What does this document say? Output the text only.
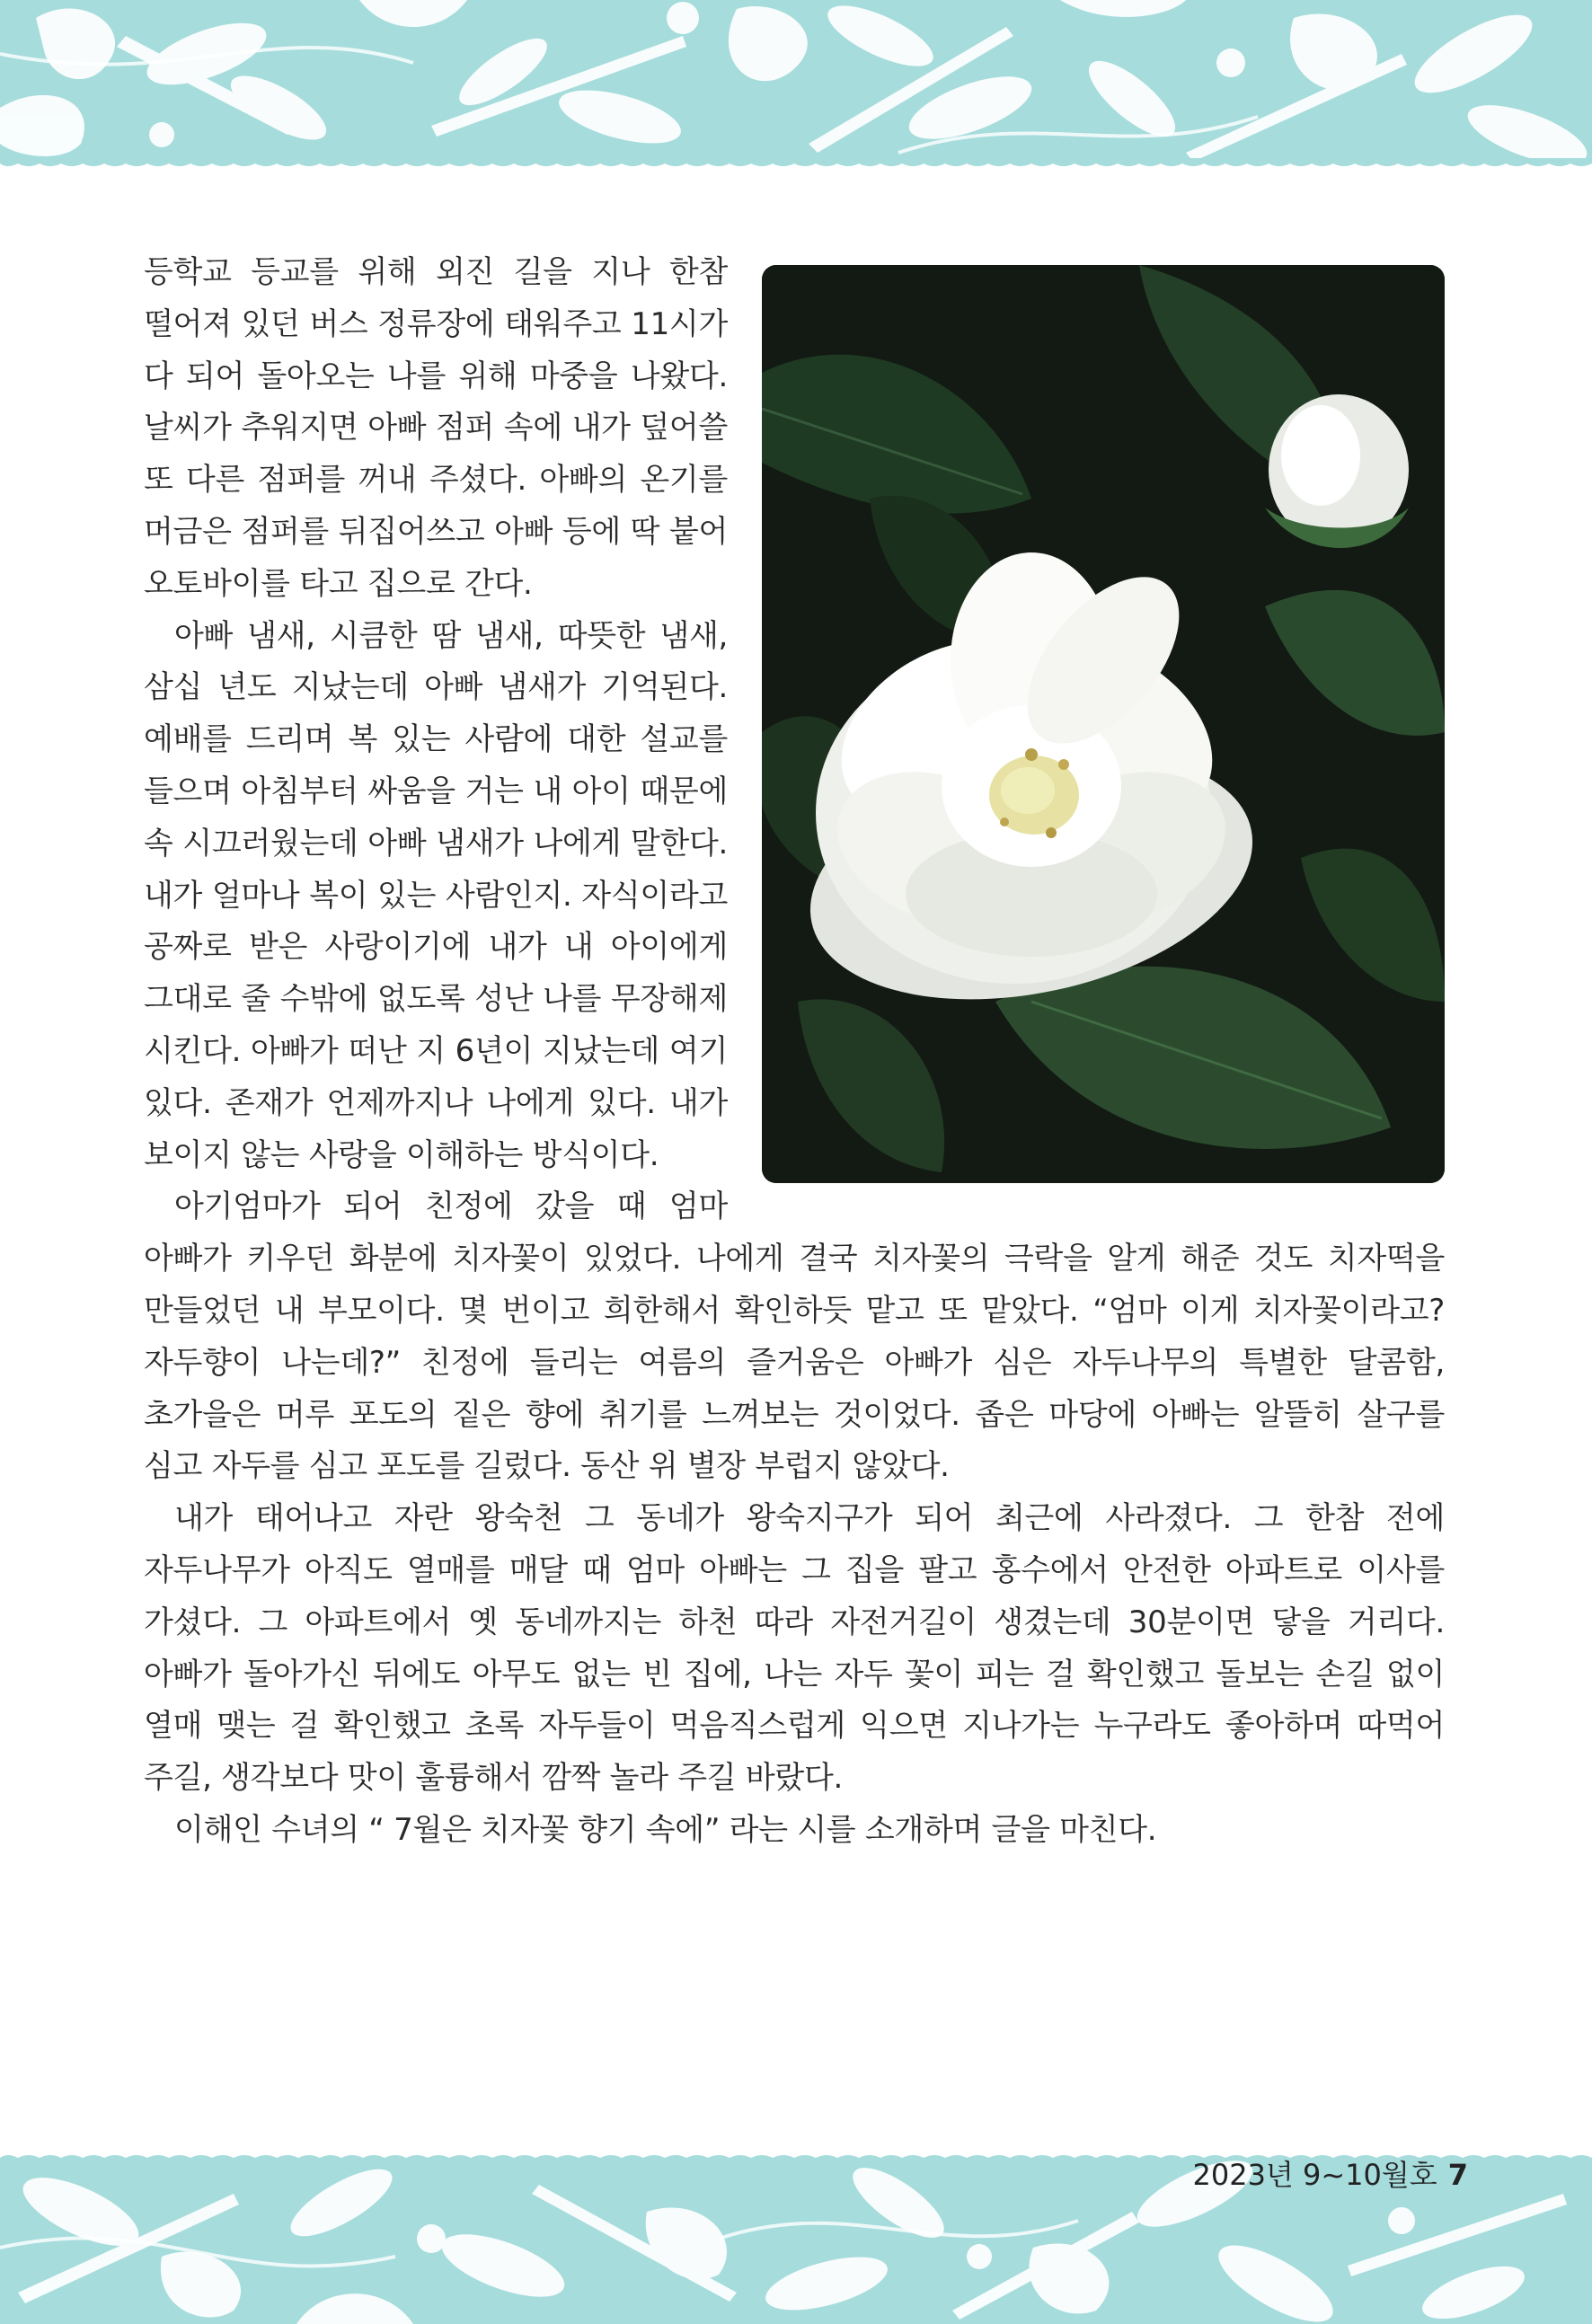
등학교 등교를 위해 외진 길을 지나 한참 떨어져 있던 버스 정류장에 태워주고 11시가 다 되어 돌아오는 나를 위해 마중을 나왔다. 날씨가 추워지면 아빠 점퍼 속에 내가 덮어쓸 또 다른 점퍼를 꺼내 주셨다. 아빠의 온기를 머금은 점퍼를 뒤집어쓰고 아빠 등에 딱 붙어 오토바이를 타고 집으로 간다.

아빠 냄새, 시큼한 땀 냄새, 따뜻한 냄새, 삼십 년도 지났는데 아빠 냄새가 기억된다. 예배를 드리며 복 있는 사람에 대한 설교를 들으며 아침부터 싸움을 거는 내 아이 때문에 속 시끄러웠는데 아빠 냄새가 나에게 말한다. 내가 얼마나 복이 있는 사람인지. 자식이라고 공짜로 받은 사랑이기에 내가 내 아이에게 그대로 줄 수밖에 없도록 성난 나를 무장해제 시킨다. 아빠가 떠난 지 6년이 지났는데 여기 있다. 존재가 언제까지나 나에게 있다. 내가 보이지 않는 사랑을 이해하는 방식이다.

아기엄마가 되어 친정에 갔을 때 엄마 아빠가 키우던 화분에 치자꽃이 있었다. 나에게 결국 치자꽃의 극락을 알게 해준 것도 치자떡을 만들었던 내 부모이다. 몇 번이고 희한해서 확인하듯 맡고 또 맡았다. “엄마 이게 치자꽃이라고? 자두향이 나는데?” 친정에 들리는 여름의 즐거움은 아빠가 심은 자두나무의 특별한 달콤함, 초가을은 머루 포도의 짙은 향에 취기를 느껴보는 것이었다. 좁은 마당에 아빠는 알뜰히 살구를 심고 자두를 심고 포도를 길렀다. 동산 위 별장 부럽지 않았다.

내가 태어나고 자란 왕숙천 그 동네가 왕숙지구가 되어 최근에 사라졌다. 그 한참 전에 자두나무가 아직도 열매를 매달 때 엄마 아빠는 그 집을 팔고 홍수에서 안전한 아파트로 이사를 가셨다. 그 아파트에서 옛 동네까지는 하천 따라 자전거길이 생겼는데 30분이면 닿을 거리다. 아빠가 돌아가신 뒤에도 아무도 없는 빈 집에, 나는 자두 꽃이 피는 걸 확인했고 돌보는 손길 없이 열매 맺는 걸 확인했고 초록 자두들이 먹음직스럽게 익으면 지나가는 누구라도 좋아하며 따먹어 주길, 생각보다 맛이 훌륭해서 깜짝 놀라 주길 바랐다.

이해인 수녀의 “ 7월은 치자꽃 향기 속에” 라는 시를 소개하며 글을 마친다.

2023년 9~10월호 7
